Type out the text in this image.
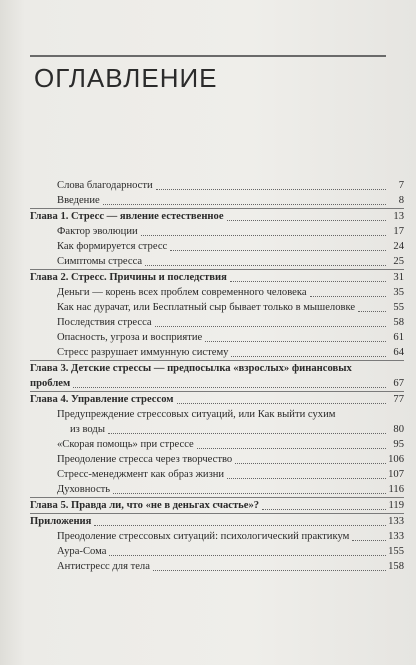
ОГЛАВЛЕНИЕ
Слова благодарности	7
Введение	8
Глава 1. Стресс — явление естественное	13
Фактор эволюции	17
Как формируется стресс	24
Симптомы стресса	25
Глава 2. Стресс. Причины и последствия	31
Деньги — корень всех проблем современного человека	35
Как нас дурачат, или Бесплатный сыр бывает только в мышеловке	55
Последствия стресса	58
Опасность, угроза и восприятие	61
Стресс разрушает иммунную систему	64
Глава 3. Детские стрессы — предпосылка «взрослых» финансовых
проблем	67
Глава 4. Управление стрессом	77
Предупреждение стрессовых ситуаций, или Как выйти сухим
из воды	80
«Скорая помощь» при стрессе	95
Преодоление стресса через творчество	106
Стресс-менеджмент как образ жизни	107
Духовность	116
Глава 5. Правда ли, что «не в деньгах счастье»?	119
Приложения	133
Преодоление стрессовых ситуаций: психологический практикум	133
Аура-Сома	155
Антистресс для тела	158
